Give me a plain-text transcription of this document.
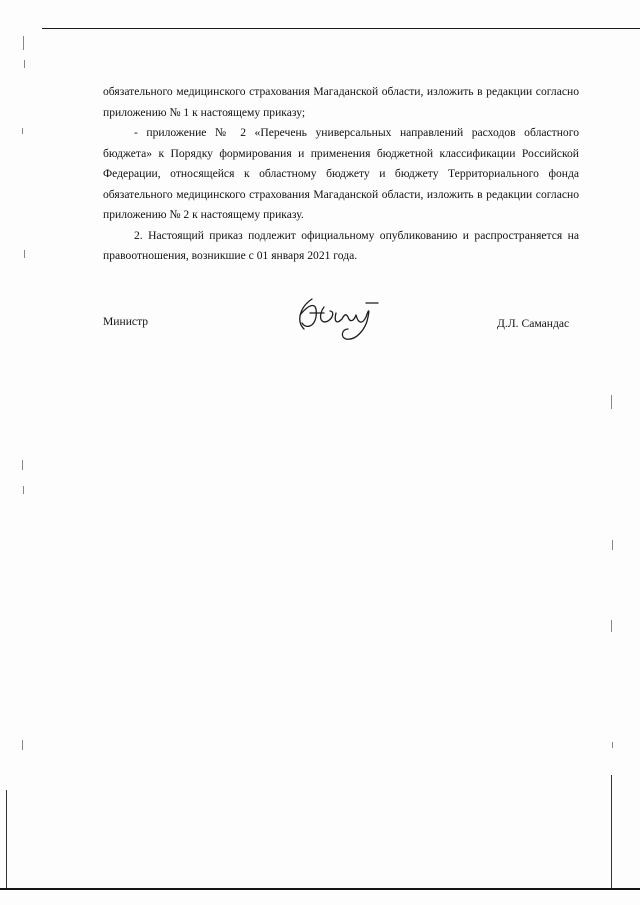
обязательного медицинского страхования Магаданской области, изложить в редакции согласно приложению № 1 к настоящему приказу;

- приложение № 2 «Перечень универсальных направлений расходов областного бюджета» к Порядку формирования и применения бюджетной классификации Российской Федерации, относящейся к областному бюджету и бюджету Территориального фонда обязательного медицинского страхования Магаданской области, изложить в редакции согласно приложению № 2 к настоящему приказу.

2. Настоящий приказ подлежит официальному опубликованию и распространяется на правоотношения, возникшие с 01 января 2021 года.

Министр	Д.Л. Самандас
